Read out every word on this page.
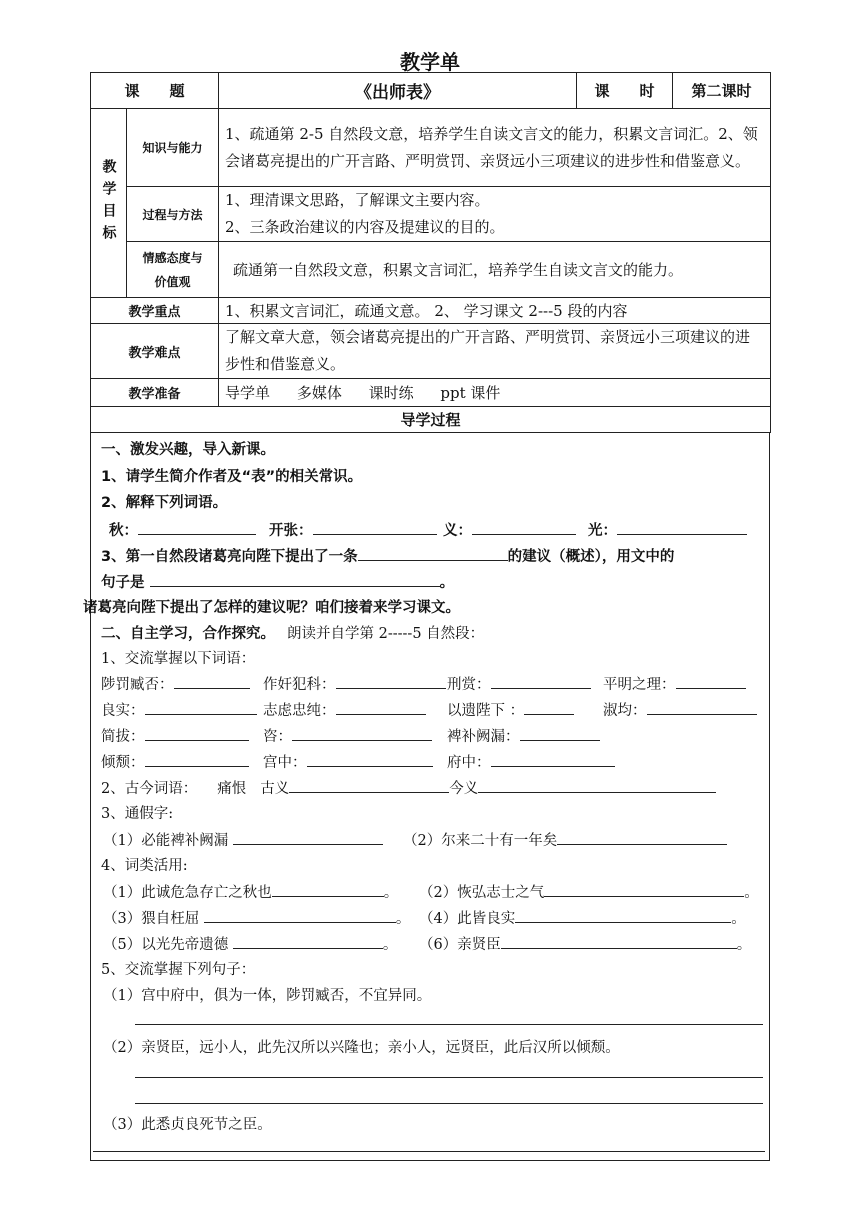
教学单
课　　题		《出师表》	课　　时	第二课时

教学目标	知识与能力	1、疏通第 2-5 自然段文意，培养学生自读文言文的能力，积累文言词汇。2、领会诸葛亮提出的广开言路、严明赏罚、亲贤远小三项建议的进步性和借鉴意义。		
	过程与方法	1、理清课文思路，了解课文主要内容。
2、三条政治建议的内容及提建议的目的。		

	情感态度与
价值观	疏通第一自然段文意，积累文言词汇，培养学生自读文言文的能力。		
教学重点		1、积累文言词汇，疏通文意。 2、 学习课文 2---5 段的内容		
教学难点		了解文章大意，领会诸葛亮提出的广开言路、严明赏罚、亲贤远小三项建议的进步性和借鉴意义。		
教学准备		导学单 多媒体 课时练 ppt 课件		
导学过程				
一、激发兴趣，导入新课。
1、请学生简介作者及“表”的相关常识。
2、解释下列词语。
秋：	开张：	义：	光：
3、第一自然段诸葛亮向陛下提出了一条	的建议（概述），用文中的
句子是	。
诸葛亮向陛下提出了怎样的建议呢？咱们接着来学习课文。
二、自主学习，合作探究。 朗读并自学第 2-----5 自然段：
1、交流掌握以下词语：
陟罚臧否：	作奸犯科：	刑赏：	平明之理：
良实：	志虑忠纯：	以遗陛下 ：	淑均：
简拔：	咨：	裨补阙漏：
倾颓：	宫中：	府中：
2、古今词语： 痛恨 古义	今义
3、通假字:
（1）必能裨补阙漏	（2）尔来二十有一年矣
4、词类活用:
（1）此诚危急存亡之秋也	。 （2）恢弘志士之气	。
（3）猥自枉屈	。 （4）此皆良实	。
（5）以光先帝遗德	。 （6）亲贤臣	。
5、交流掌握下列句子：
（1）宫中府中，俱为一体，陟罚臧否，不宜异同。
（2）亲贤臣，远小人，此先汉所以兴隆也；亲小人，远贤臣，此后汉所以倾颓。
（3）此悉贞良死节之臣。
